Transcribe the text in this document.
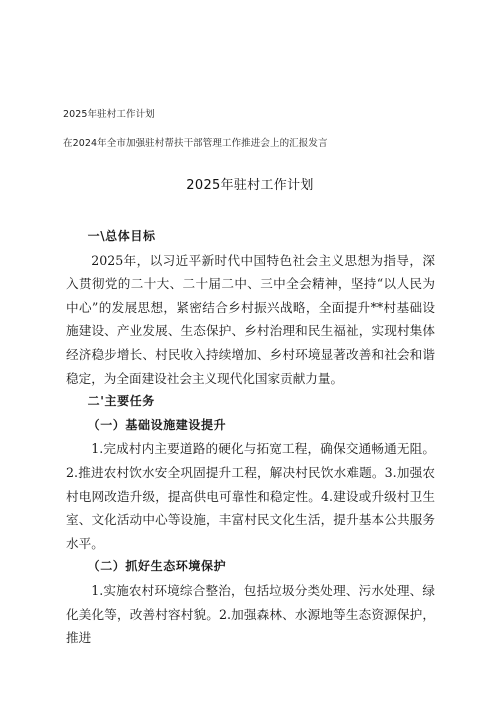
2025年驻村工作计划
在2024年全市加强驻村帮扶干部管理工作推进会上的汇报发言
2025年驻村工作计划

一\总体目标

2025年，以习近平新时代中国特色社会主义思想为指导，深入贯彻党的二十大、二十届二中、三中全会精神，坚持“以人民为中心”的发展思想，紧密结合乡村振兴战略，全面提升**村基础设施建设、产业发展、生态保护、乡村治理和民生福祉，实现村集体经济稳步增长、村民收入持续增加、乡村环境显著改善和社会和谐稳定，为全面建设社会主义现代化国家贡献力量。

二'主要任务

（一）基础设施建设提升

1.完成村内主要道路的硬化与拓宽工程，确保交通畅通无阻。2.推进农村饮水安全巩固提升工程，解决村民饮水难题。3.加强农村电网改造升级，提高供电可靠性和稳定性。4.建设或升级村卫生室、文化活动中心等设施，丰富村民文化生活，提升基本公共服务水平。

（二）抓好生态环境保护

1.实施农村环境综合整治，包括垃圾分类处理、污水处理、绿化美化等，改善村容村貌。2.加强森林、水源地等生态资源保护，推进
